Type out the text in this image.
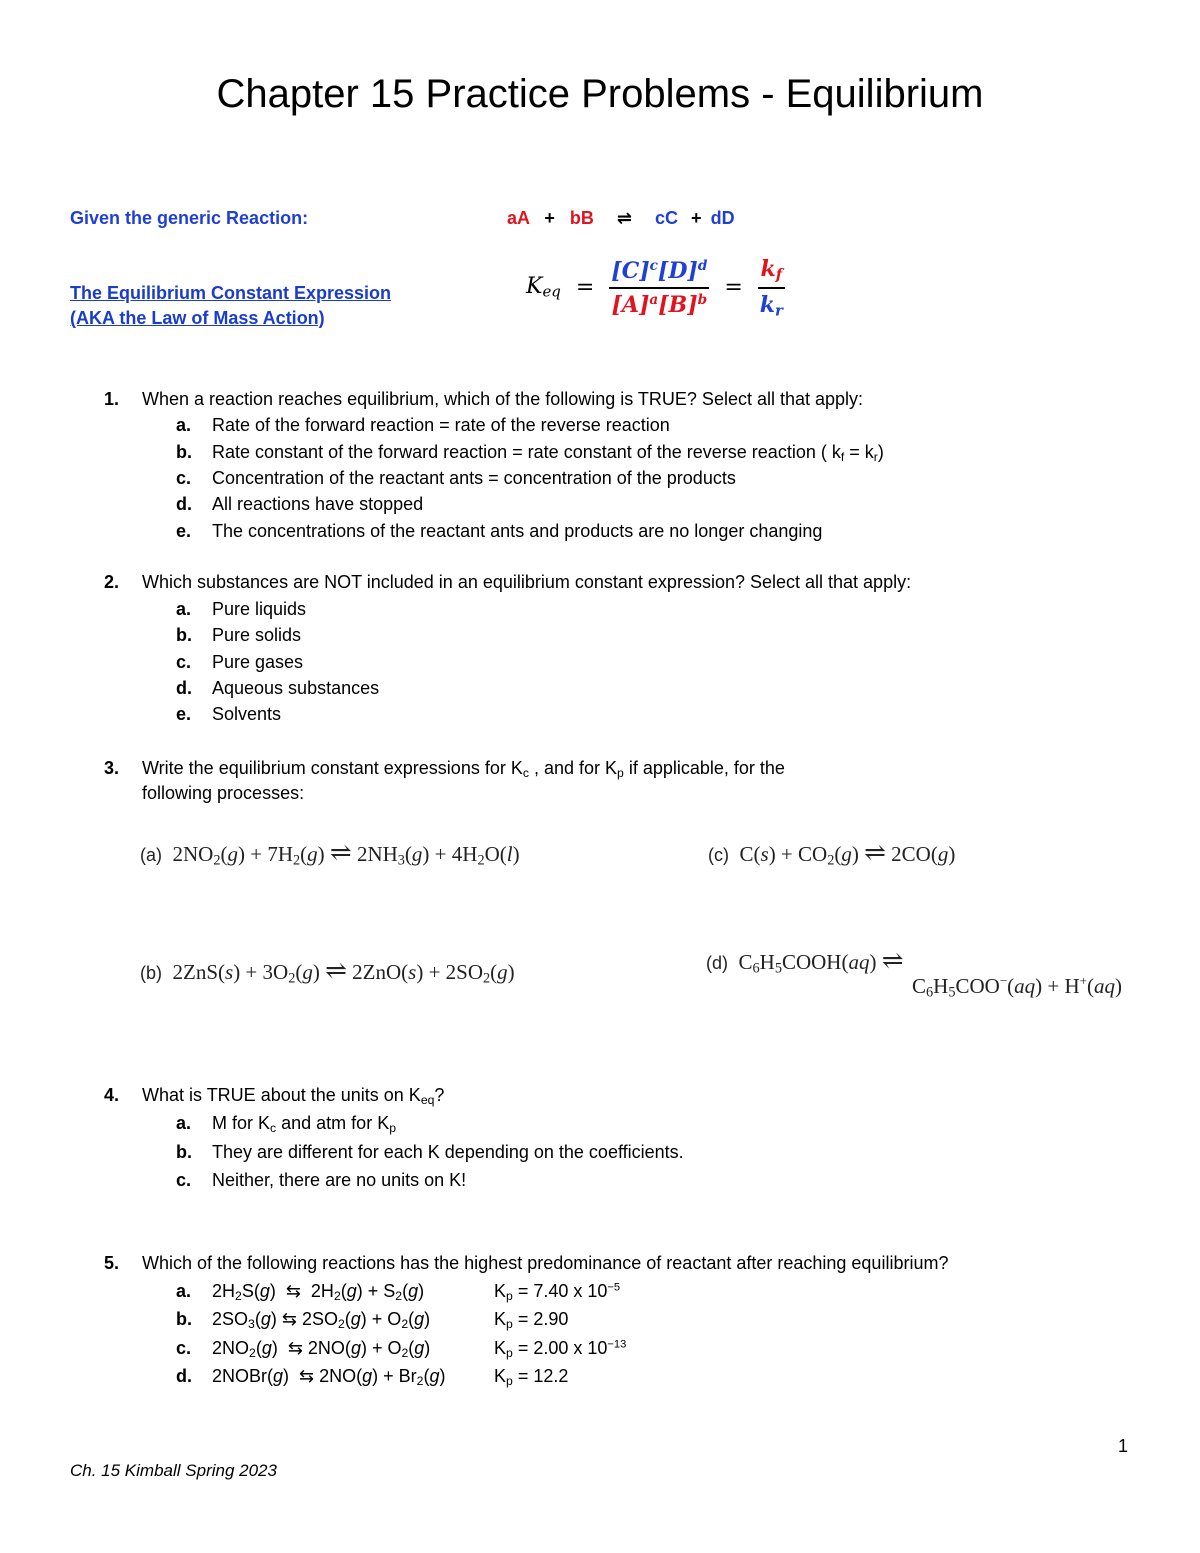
Chapter 15 Practice Problems - Equilibrium
Given the generic Reaction:	aA + bB ⇌ cC + dD
The Equilibrium Constant Expression
(AKA the Law of Mass Action)
$K_{eq} = \frac{[C]^c[D]^d}{[A]^a[B]^b} = \frac{k_f}{k_r}$
1. When a reaction reaches equilibrium, which of the following is TRUE? Select all that apply:
a. Rate of the forward reaction = rate of the reverse reaction
b. Rate constant of the forward reaction = rate constant of the reverse reaction ( $k_f = k_r$)
c. Concentration of the reactant ants = concentration of the products
d. All reactions have stopped
e. The concentrations of the reactant ants and products are no longer changing
2. Which substances are NOT included in an equilibrium constant expression? Select all that apply:
a. Pure liquids
b. Pure solids
c. Pure gases
d. Aqueous substances
e. Solvents
3. Write the equilibrium constant expressions for $K_c$ , and for $K_p$ if applicable, for the
following processes:
(a)  $2NO_2(g) + 7H_2(g)$ ⇌ $2NH_3(g) + 4H_2O(l)$	(c)  $C(s) + CO_2(g)$ ⇌ 2CO(g)
(b)  $2ZnS(s) + 3O_2(g)$ ⇌ $2ZnO(s) + 2SO_2(g)$	(d)  $C_6H_5COOH(aq)$ ⇌
$C_6H_5COO^-(aq) + H^+(aq)$
4. What is TRUE about the units on $K_{eq}$?
a. M for $K_c$ and atm for $K_p$
b. They are different for each K depending on the coefficients.
c. Neither, there are no units on K!
5. Which of the following reactions has the highest predominance of reactant after reaching equilibrium?
a. $2H_2S(g)$  ⇆  $2H_2(g) + S_2(g)$	$K_p = 7.40$ x $10^{-5}$
b. $2SO_3(g)$ ⇆ $2SO_2(g) + O_2(g)$	$K_p = 2.90$
c. $2NO_2(g)$  ⇆ $2NO(g) + O_2(g)$	$K_p = 2.00$ x $10^{-13}$
d. 2NOBr(g)  ⇆ $2NO(g) + Br_2(g)$	$K_p = 12.2$
1
Ch. 15 Kimball Spring 2023
